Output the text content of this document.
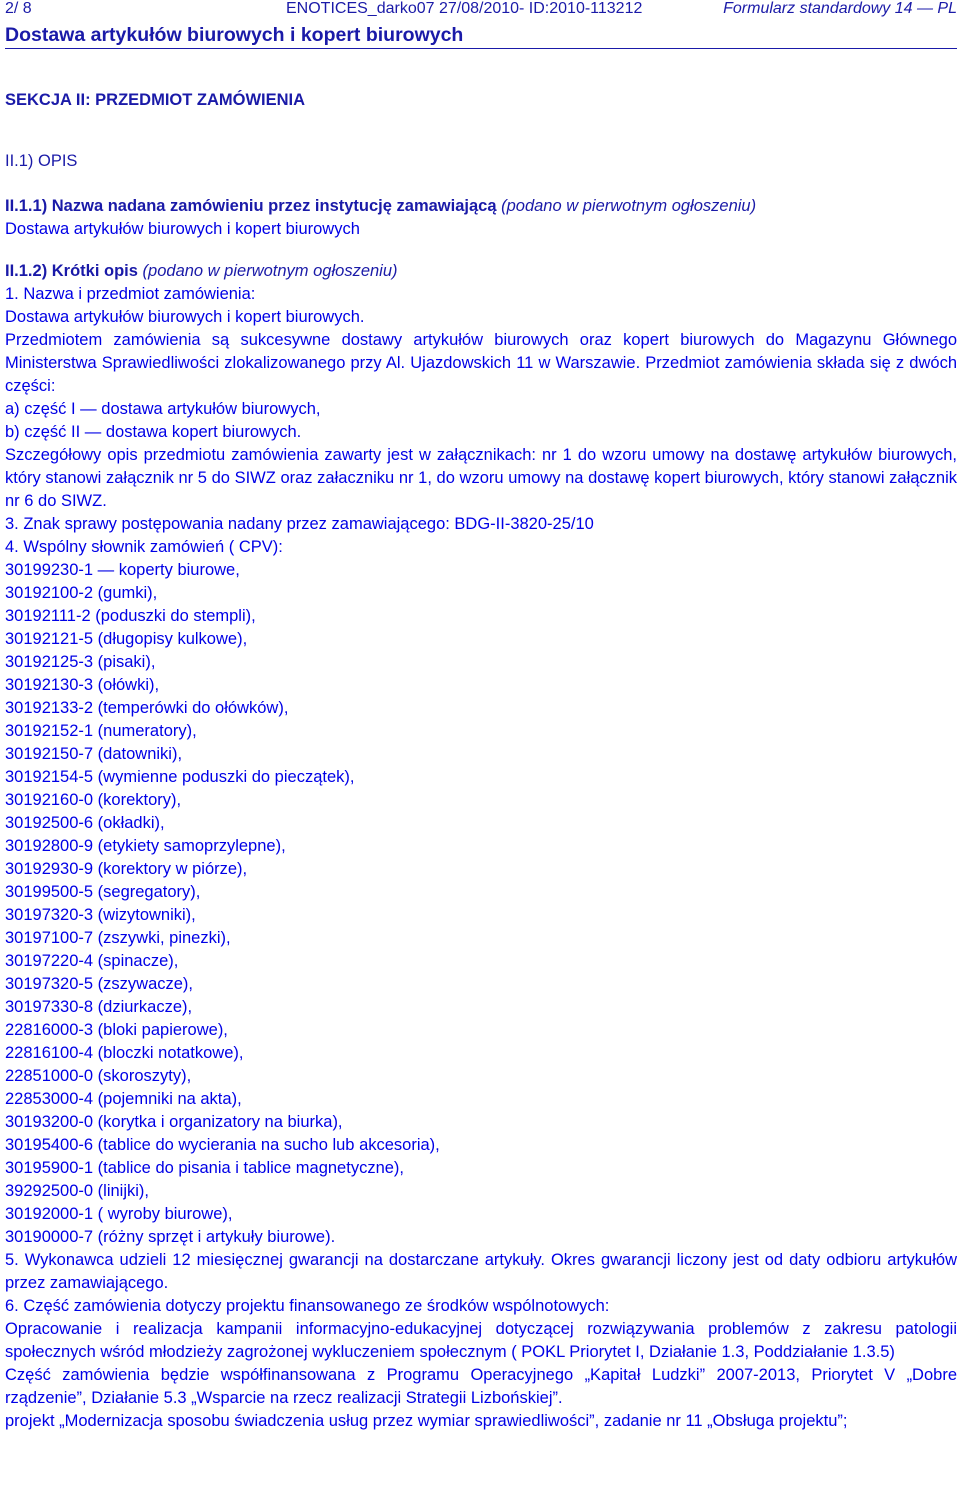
2/ 8	ENOTICES_darko07 27/08/2010- ID:2010-113212	Formularz standardowy 14 — PL
Dostawa artykułów biurowych i kopert biurowych
SEKCJA II: PRZEDMIOT ZAMÓWIENIA
II.1) OPIS
II.1.1) Nazwa nadana zamówieniu przez instytucję zamawiającą (podano w pierwotnym ogłoszeniu)
Dostawa artykułów biurowych i kopert biurowych
II.1.2) Krótki opis (podano w pierwotnym ogłoszeniu)
1. Nazwa i przedmiot zamówienia:
Dostawa artykułów biurowych i kopert biurowych.
Przedmiotem zamówienia są sukcesywne dostawy artykułów biurowych oraz kopert biurowych do Magazynu Głównego Ministerstwa Sprawiedliwości zlokalizowanego przy Al. Ujazdowskich 11 w Warszawie. Przedmiot zamówienia składa się z dwóch części:
a) część I — dostawa artykułów biurowych,
b) część II — dostawa kopert biurowych.
Szczegółowy opis przedmiotu zamówienia zawarty jest w załącznikach: nr 1 do wzoru umowy na dostawę artykułów biurowych, który stanowi załącznik nr 5 do SIWZ oraz załaczniku nr 1, do wzoru umowy na dostawę kopert biurowych, który stanowi załącznik nr 6 do SIWZ.
3. Znak sprawy postępowania nadany przez zamawiającego: BDG-II-3820-25/10
4. Wspólny słownik zamówień ( CPV):
30199230-1 — koperty biurowe,
30192100-2 (gumki),
30192111-2 (poduszki do stempli),
30192121-5 (długopisy kulkowe),
30192125-3 (pisaki),
30192130-3 (ołówki),
30192133-2 (temperówki do ołówków),
30192152-1 (numeratory),
30192150-7 (datowniki),
30192154-5 (wymienne poduszki do pieczątek),
30192160-0 (korektory),
30192500-6 (okładki),
30192800-9 (etykiety samoprzylepne),
30192930-9 (korektory w piórze),
30199500-5 (segregatory),
30197320-3 (wizytowniki),
30197100-7 (zszywki, pinezki),
30197220-4 (spinacze),
30197320-5 (zszywacze),
30197330-8 (dziurkacze),
22816000-3 (bloki papierowe),
22816100-4 (bloczki notatkowe),
22851000-0 (skoroszyty),
22853000-4 (pojemniki na akta),
30193200-0 (korytka i organizatory na biurka),
30195400-6 (tablice do wycierania na sucho lub akcesoria),
30195900-1 (tablice do pisania i tablice magnetyczne),
39292500-0 (linijki),
30192000-1 ( wyroby biurowe),
30190000-7 (różny sprzęt i artykuły biurowe).
5. Wykonawca udzieli 12 miesięcznej gwarancji na dostarczane artykuły. Okres gwarancji liczony jest od daty odbioru artykułów przez zamawiającego.
6. Część zamówienia dotyczy projektu finansowanego ze środków wspólnotowych:
Opracowanie i realizacja kampanii informacyjno-edukacyjnej dotyczącej rozwiązywania problemów z zakresu patologii społecznych wśród młodzieży zagrożonej wykluczeniem społecznym ( POKL Priorytet I, Działanie 1.3, Poddziałanie 1.3.5)
Część zamówienia będzie współfinansowana z Programu Operacyjnego „Kapitał Ludzki” 2007-2013, Priorytet V „Dobre rządzenie”, Działanie 5.3 „Wsparcie na rzecz realizacji Strategii Lizbońskiej”.
projekt „Modernizacja sposobu świadczenia usług przez wymiar sprawiedliwości”, zadanie nr 11 „Obsługa projektu”;
